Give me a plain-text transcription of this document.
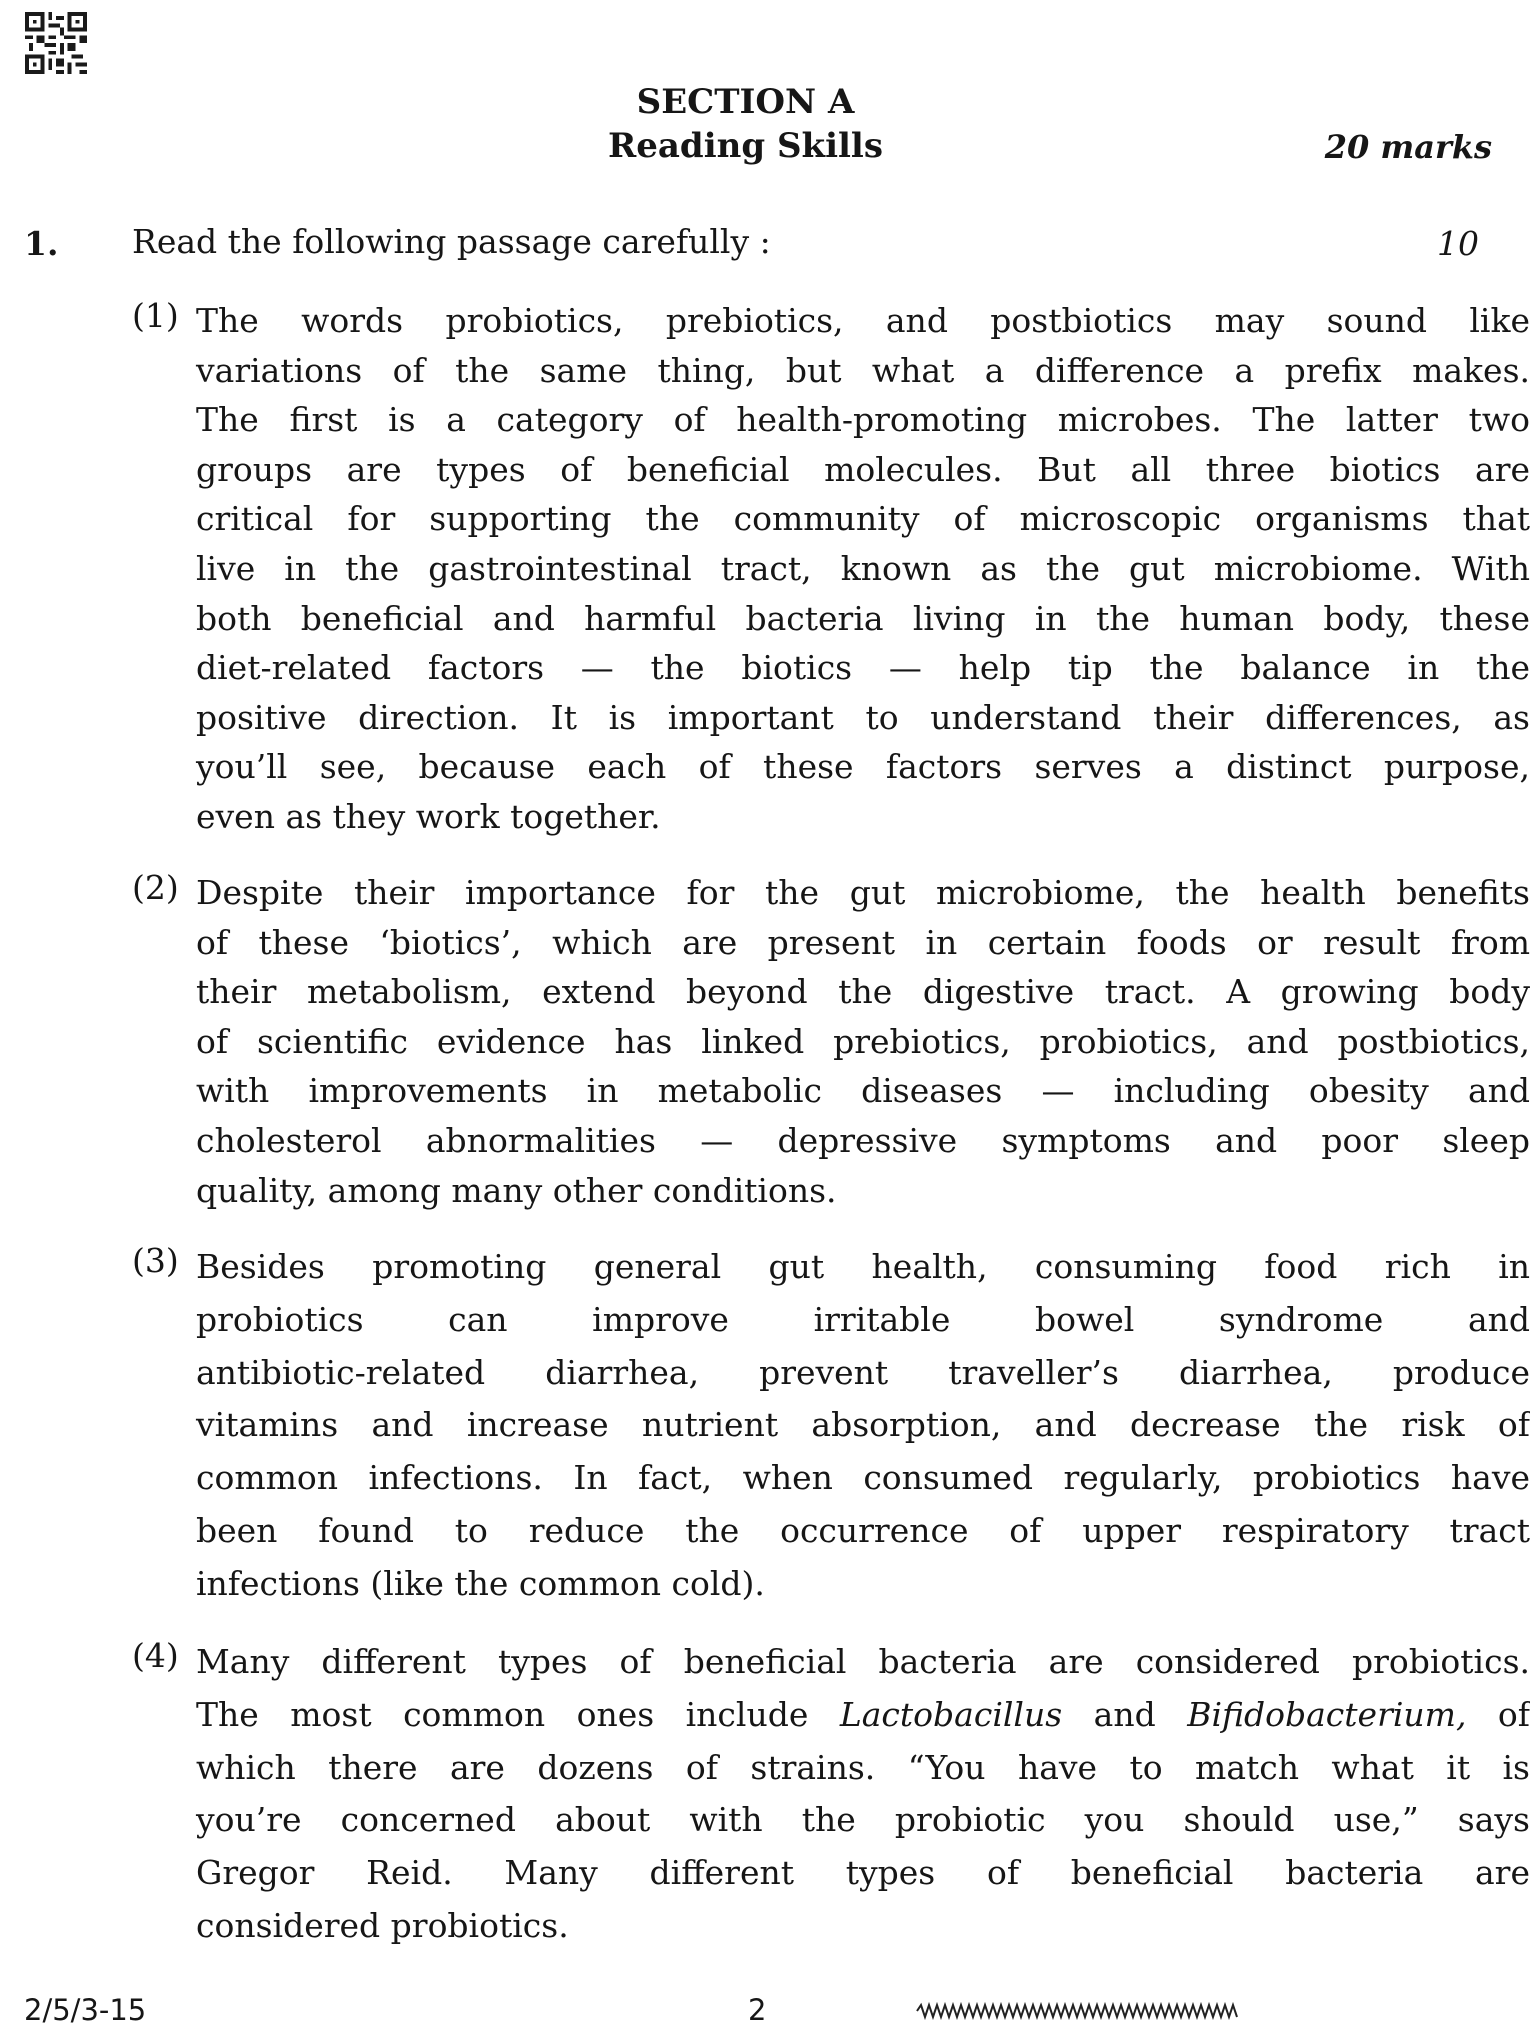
SECTION A
Reading Skills	20 marks
1. Read the following passage carefully :	10
(1) The words probiotics, prebiotics, and postbiotics may sound like
variations of the same thing, but what a difference a prefix makes.
The first is a category of health-promoting microbes. The latter two
groups are types of beneficial molecules. But all three biotics are
critical for supporting the community of microscopic organisms that
live in the gastrointestinal tract, known as the gut microbiome. With
both beneficial and harmful bacteria living in the human body, these
diet-related factors — the biotics — help tip the balance in the
positive direction. It is important to understand their differences, as
you’ll see, because each of these factors serves a distinct purpose,
even as they work together.
(2) Despite their importance for the gut microbiome, the health benefits
of these ‘biotics’, which are present in certain foods or result from
their metabolism, extend beyond the digestive tract. A growing body
of scientific evidence has linked prebiotics, probiotics, and postbiotics,
with improvements in metabolic diseases — including obesity and
cholesterol abnormalities — depressive symptoms and poor sleep
quality, among many other conditions.
(3) Besides promoting general gut health, consuming food rich in
probiotics can improve irritable bowel syndrome and
antibiotic-related diarrhea, prevent traveller’s diarrhea, produce
vitamins and increase nutrient absorption, and decrease the risk of
common infections. In fact, when consumed regularly, probiotics have
been found to reduce the occurrence of upper respiratory tract
infections (like the common cold).
(4) Many different types of beneficial bacteria are considered probiotics.
The most common ones include Lactobacillus and Bifidobacterium, of
which there are dozens of strains. “You have to match what it is
you’re concerned about with the probiotic you should use,” says
Gregor Reid. Many different types of beneficial bacteria are
considered probiotics.
2/5/3-15	2
